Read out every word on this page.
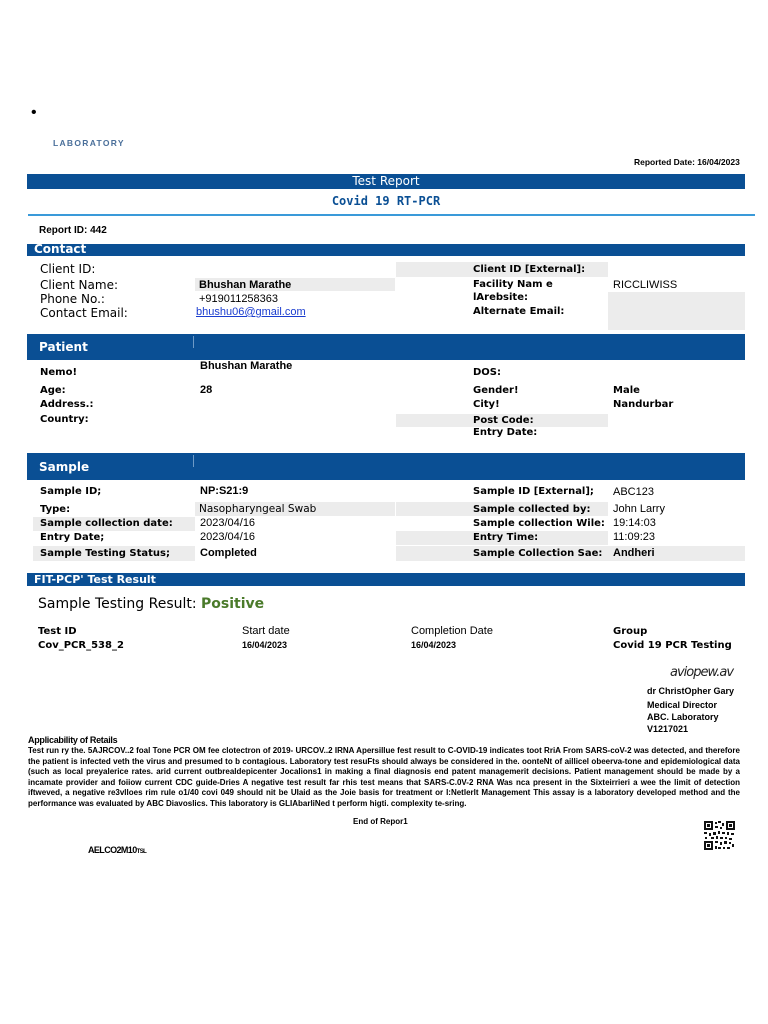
•
LABORATORY
Reported Date: 16/04/2023
Test Report
Covid 19 RT-PCR
Report ID: 442
Contact
Client ID:
Client Name:	Bhushan Marathe
Phone No.:	+919011258363
Contact Email:	bhushu06@gmail.com
Client ID [External]:
Facility Nam e	RICCLIWISS
lArebsite:
Alternate Email:
Patient
Nemo!
Bhushan Marathe
Age:	28
Address.:
Country:
DOS:
Gender!	Male
City!	Nandurbar
Post Code:
Entry Date:
Sample
Sample ID;	NP:S21:9
Type:	Nasopharyngeal Swab
Sample collection date: 2023/04/16
Entry Date;	2023/04/16
Sample Testing Status;	Completed
Sample ID [External]; ABC123
Sample collected by: John Larry
Sample collection Wile: 19:14:03
Entry Time:	11:09:23
Sample Collection Sae: Andheri
FIT-PCP' Test Result
Sample Testing Result: Positive
Test ID	Start date	Completion Date	Group
Cov_PCR_538_2	16/04/2023	16/04/2023	Covid 19 PCR Testing
aviopew.av
dr ChristOpher Gary
Medical Director
ABC. Laboratory
V1217021
Applicability of Retails
Test run ry the. 5AJRCOV..2 foal Tone PCR OM fee clotectron of 2019- URCOV..2 IRNA Apersillue fest result to C-OVID-19 indicates toot RriA From SARS-coV-2 was detected, and therefore the patient is infected veth the virus and presumed to b contagious. Laboratory test resuFts should always be considered in the. oonteNt of aillicel obeerva-tone and epidemiological data (such as local preyalerice rates. arid current outbrealdepicenter Jocalions1 in making a final diagnosis end patent managemerit decisions. Patient management should be made by a incamate provider and foiiow current CDC guide-Dries A negative test result far rhis test means that SARS-C.0V-2 RNA Was nca present in the Sixteirrieri a wee the limit of detection iftweved, a negative re3vlloes rim rule o1/40 covi 049 should nit be UIaid as the Joie basis for treatment or I:Netlerlt Management This assay is a laboratory developed method and the performance was evaluated by ABC Diavoslics. This laboratory is GLIAbarliNed t perform higti. complexity te-sring.
End of Repor1
AELCO2M10TSL
